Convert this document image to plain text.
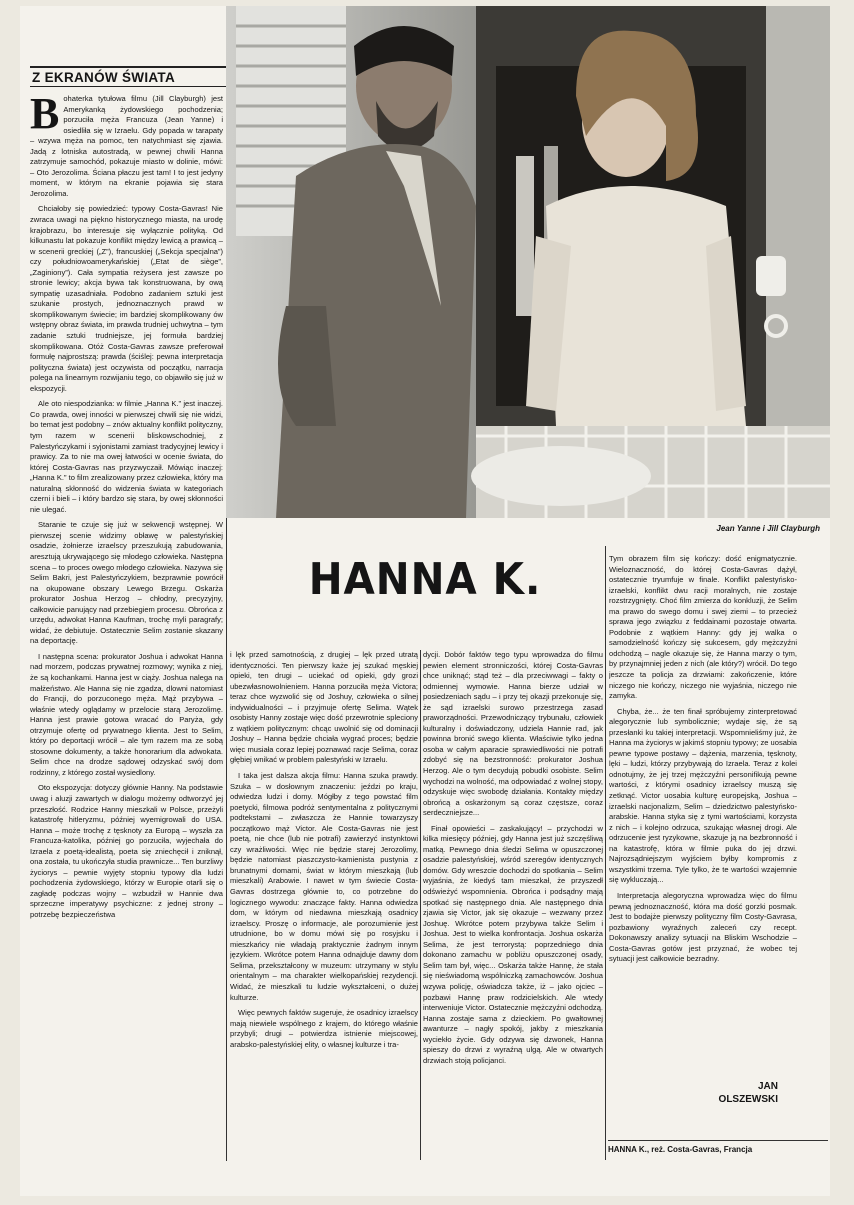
Z EKRANÓW ŚWIATA

Bohaterka tytułowa filmu (Jill Clayburgh) jest Amerykanką żydowskiego pochodzenia; porzuciła męża Francuza (Jean Yanne) i osiedliła się w Izraelu. Gdy popada w tarapaty – wzywa męża na pomoc, ten natychmiast się zjawia. Jadą z lotniska autostradą, w pewnej chwili Hanna zatrzymuje samochód, pokazuje miasto w dolinie, mówi: – Oto Jerozolima. Ściana płaczu jest tam! I to jest jedyny moment, w którym na ekranie pojawia się stara Jerozolima.

Chciałoby się powiedzieć: typowy Costa-Gavras! Nie zwraca uwagi na piękno historycznego miasta, na urodę krajobrazu, bo interesuje się wyłącznie polityką. Od kilkunastu lat pokazuje konflikt między lewicą a prawicą – w scenerii greckiej („Z”), francuskiej („Sekcja specjalna”) czy południowoamerykańskiej („Etat de siège”, „Zaginiony”). Cała sympatia reżysera jest zawsze po stronie lewicy; akcja bywa tak konstruowana, by ową sympatię uzasadniała. Podobno zadaniem sztuki jest szukanie prostych, jednoznacznych prawd w skomplikowanym świecie; im bardziej skomplikowany ów wstępny obraz świata, im prawda trudniej uchwytna – tym zadanie sztuki trudniejsze, jej formuła bardziej skomplikowana. Otóż Costa-Gavras zawsze preferował formułę najprostszą: prawda (ściślej: pewna interpretacja polityczna świata) jest oczywista od początku, narracja polega na linearnym rozwijaniu tego, co objawiło się już w ekspozycji.

Ale oto niespodzianka: w filmie „Hanna K.” jest inaczej. Co prawda, owej inności w pierwszej chwili się nie widzi, bo temat jest podobny – znów aktualny konflikt polityczny, tym razem w scenerii bliskowschodniej, z Palestyńczykami i syjonistami zamiast tradycyjnej lewicy i prawicy. Za to nie ma owej łatwości w ocenie świata, do której Costa-Gavras nas przyzwyczaił. Mówiąc inaczej: „Hanna K.” to film zrealizowany przez człowieka, który ma naturalną skłonność do widzenia świata w kategoriach czerni i bieli – i który bardzo się stara, by owej skłonności nie ulegać.

Staranie te czuje się już w sekwencji wstępnej. W pierwszej scenie widzimy obławę w palestyńskiej osadzie, żołnierze izraelscy przeszukują zabudowania, aresztują ukrywającego się młodego człowieka. Następna scena – to proces owego młodego człowieka. Nazywa się Selim Bakri, jest Palestyńczykiem, bezprawnie powrócił na okupowane obszary Lewego Brzegu. Oskarża prokurator Joshua Herzog – chłodny, precyzyjny, całkowicie panujący nad przebiegiem procesu. Obrońca z urzędu, adwokat Hanna Kaufman, trochę myli paragrafy; widać, że debiutuje. Ostatecznie Selim zostanie skazany na deportację.

I następna scena: prokurator Joshua i adwokat Hanna nad morzem, podczas prywatnej rozmowy; wynika z niej, że są kochankami. Hanna jest w ciąży. Joshua nalega na małżeństwo. Ale Hanna się nie zgadza, dlowni natomiast do Francji, do porzuconego męża. Mąż przybywa – właśnie wtedy oglądamy w przelocie starą Jerozolimę. Hanna jest prawie gotowa wracać do Paryża, gdy otrzymuje ofertę od prywatnego klienta. Jest to Selim, który po deportacji wrócił – ale tym razem ma ze sobą stosowne dokumenty, a także honorarium dla adwokata. Selim chce na drodze sądowej odzyskać swój dom rodzinny, z którego został wysiedlony.

Oto ekspozycja: dotyczy głównie Hanny. Na podstawie uwag i aluzji zawartych w dialogu możemy odtworzyć jej przeszłość. Rodzice Hanny mieszkali w Polsce, przeżyli katastrofę hitleryzmu, później wyemigrowali do USA. Hanna – może trochę z tęsknoty za Europą – wyszła za Francuza-katolika, później go porzuciła, wyjechała do Izraela z poetą-idealistą, poeta się zniechęcił i zniknął, ona została, tu ukończyła studia prawnicze... Ten burzliwy życiorys – pewnie wyjęty stopniu typowy dla ludzi pochodzenia żydowskiego, którzy w Europie otarli się o zagładę podczas wojny – wzbudził w Hannie dwa sprzeczne imperatywy psychiczne: z jednej strony – potrzebę bezpieczeństwa

Jean Yanne i Jill Clayburgh
HANNA K.

i lęk przed samotnością, z drugiej – lęk przed utratą identyczności. Ten pierwszy każe jej szukać męskiej opieki, ten drugi – uciekać od opieki, gdy grozi ubezwłasnowolnieniem. Hanna porzuciła męża Victora; teraz chce wyzwolić się od Joshuy, człowieka o silnej indywidualności – i przyjmuje ofertę Selima. Wątek osobisty Hanny zostaje więc dość przewrotnie spleciony z wątkiem politycznym: chcąc uwolnić się od dominacji Joshuy – Hanna będzie chciała wygrać proces; będzie więc musiała coraz lepiej poznawać racje Selima, coraz głębiej wnikać w problem palestyński w Izraelu.

I taka jest dalsza akcja filmu: Hanna szuka prawdy. Szuka – w dosłownym znaczeniu: jeździ po kraju, odwiedza ludzi i domy. Mógłby z tego powstać film poetycki, filmowa podróż sentymentalna z politycznymi podtekstami – zwłaszcza że Hannie towarzyszy początkowo mąż Victor. Ale Costa-Gavras nie jest poetą, nie chce (lub nie potrafi) zawierzyć instynktowi czy wrażliwości. Więc nie będzie starej Jerozolimy, będzie natomiast piaszczysto-kamienista pustynia z brunatnymi domami, świat w którym mieszkają (lub mieszkali) Arabowie. I nawet w tym świecie Costa-Gavras dostrzega głównie to, co potrzebne do logicznego wywodu: znaczące fakty. Hanna odwiedza dom, w którym od niedawna mieszkają osadnicy izraelscy. Proszę o informacje, ale porozumienie jest utrudnione, bo w domu mówi się po rosyjsku i mieszkańcy nie władają praktycznie żadnym innym językiem. Wkrótce potem Hanna odnajduje dawny dom Selima, przekształcony w muzeum: utrzymany w stylu orientalnym – ma charakter wielkopańskiej rezydencji. Widać, że mieszkali tu ludzie wykształceni, o dużej kulturze.

Więc pewnych faktów sugeruje, że osadnicy izraelscy mają niewiele wspólnego z krajem, do którego właśnie przybyli; drugi – potwierdza istnienie miejscowej, arabsko-palestyńskiej elity, o własnej kulturze i tra-

dycji. Dobór faktów tego typu wprowadza do filmu pewien element stronniczości, której Costa-Gavras chce uniknąć; stąd też – dla przeciwwagi – fakty o odmiennej wymowie. Hanna bierze udział w posiedzeniach sądu – i przy tej okazji przekonuje się, że sąd izraelski surowo przestrzega zasad praworządności. Przewodniczący trybunału, człowiek kulturalny i doświadczony, udziela Hannie rad, jak powinna bronić swego klienta. Właściwie tylko jedna osoba w całym aparacie sprawiedliwości nie potrafi zdobyć się na bezstronność: prokurator Joshua Herzog. Ale o tym decydują pobudki osobiste. Selim wychodzi na wolność, ma odpowiadać z wolnej stopy, odzyskuje więc swobodę działania. Kontakty między obrońcą a oskarżonym są coraz częstsze, coraz serdeczniejsze...

Finał opowieści – zaskakujący! – przychodzi w kilka miesięcy później, gdy Hanna jest już szczęśliwą matką. Pewnego dnia śledzi Selima w opuszczonej osadzie palestyńskiej, wśród szeregów identycznych domów. Gdy wreszcie dochodzi do spotkania – Selim wyjaśnia, że kiedyś tam mieszkał, że przyszedł odświeżyć wspomnienia. Obrońca i podsądny mają spotkać się następnego dnia. Ale następnego dnia zjawia się Victor, jak się okazuje – wezwany przez Joshuę. Wkrótce potem przybywa także Selim i Joshua. Jest to wielka konfrontacja. Joshua oskarża Selima, że jest terrorystą: poprzedniego dnia dokonano zamachu w pobliżu opuszczonej osady, Selim tam był, więc... Oskarża także Hannę, że stała się nieświadomą wspólniczką zamachowców. Joshua wzywa policję, oświadcza także, iż – jako ojciec – pozbawi Hannę praw rodzicielskich. Ale wtedy interweniuje Victor. Ostatecznie mężczyźni odchodzą. Hanna zostaje sama z dzieckiem. Po gwałtownej awanturze – nagły spokój, jakby z mieszkania wyciekło życie. Gdy odzywa się dzwonek, Hanna spieszy do drzwi z wyraźną ulgą. Ale w otwartych drzwiach stoją policjanci.

Tym obrazem film się kończy: dość enigmatycznie. Wieloznaczność, do której Costa-Gavras dążył, ostatecznie tryumfuje w finale. Konflikt palestyńsko-izraelski, konflikt dwu racji moralnych, nie zostaje rozstrzygnięty. Choć film zmierza do konkluzji, że Selim ma prawo do swego domu i swej ziemi – to przecież sprawa jego związku z feddainami pozostaje otwarta. Podobnie z wątkiem Hanny: gdy jej walka o samodzielność kończy się sukcesem, gdy mężczyźni odchodzą – nagle okazuje się, że Hanna marzy o tym, by przynajmniej jeden z nich (ale który?) wrócił. Do tego jeszcze ta policja za drzwiami: zakończenie, które niczego nie kończy, niczego nie wyjaśnia, niczego nie zamyka.

Chyba, że... że ten finał spróbujemy zinterpretować alegorycznie lub symbolicznie; wydaje się, że są przesłanki ku takiej interpretacji. Wspomnieliśmy już, że Hanna ma życiorys w jakimś stopniu typowy; ze uosabia pewne typowe postawy – dążenia, marzenia, tęsknoty, lęki – ludzi, którzy przybywają do Izraela. Teraz z kolei odnotujmy, że jej trzej mężczyźni personifikują pewne wartości, z którymi osadnicy izraelscy muszą się zetknąć. Victor uosabia kulturę europejską, Joshua – izraelski nacjonalizm, Selim – dziedzictwo palestyńsko-arabskie. Hanna styka się z tymi wartościami, korzysta z nich – i kolejno odrzuca, szukając własnej drogi. Ale odrzucenie jest ryzykowne, skazuje ją na bezbronność i na katastrofę, która w filmie puka do jej drzwi. Najrozsądniejszym wyjściem byłby kompromis z wszystkimi trzema. Tyle tylko, że te wartości wzajemnie się wykluczają...

Interpretacja alegoryczna wprowadza więc do filmu pewną jednoznaczność, która ma dość gorzki posmak. Jest to bodajże pierwszy polityczny film Costy-Gavrasa, pozbawiony wyraźnych zaleceń czy recept. Dokonawszy analizy sytuacji na Bliskim Wschodzie – Costa-Gavras gotów jest przyznać, że wobec tej sytuacji jest całkowicie bezradny.

JAN
OLSZEWSKI
HANNA K., reż. Costa-Gavras, Francja
